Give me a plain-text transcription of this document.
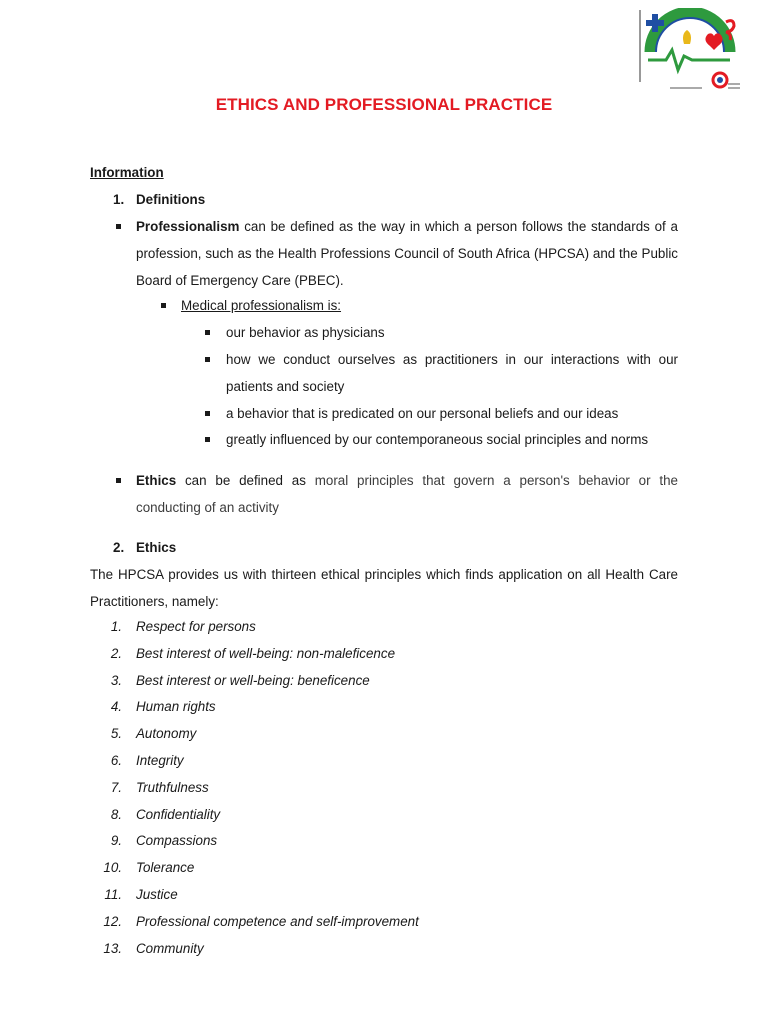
ETHICS AND PROFESSIONAL PRACTICE
Information
1. Definitions
Professionalism can be defined as the way in which a person follows the standards of a profession, such as the Health Professions Council of South Africa (HPCSA) and the Public Board of Emergency Care (PBEC).
Medical professionalism is:
our behavior as physicians
how we conduct ourselves as practitioners in our interactions with our patients and society
a behavior that is predicated on our personal beliefs and our ideas
greatly influenced by our contemporaneous social principles and norms
Ethics can be defined as moral principles that govern a person's behavior or the conducting of an activity
2. Ethics
The HPCSA provides us with thirteen ethical principles which finds application on all Health Care Practitioners, namely:
1. Respect for persons
2. Best interest of well-being: non-maleficence
3. Best interest or well-being: beneficence
4. Human rights
5. Autonomy
6. Integrity
7. Truthfulness
8. Confidentiality
9. Compassions
10. Tolerance
11. Justice
12. Professional competence and self-improvement
13. Community
